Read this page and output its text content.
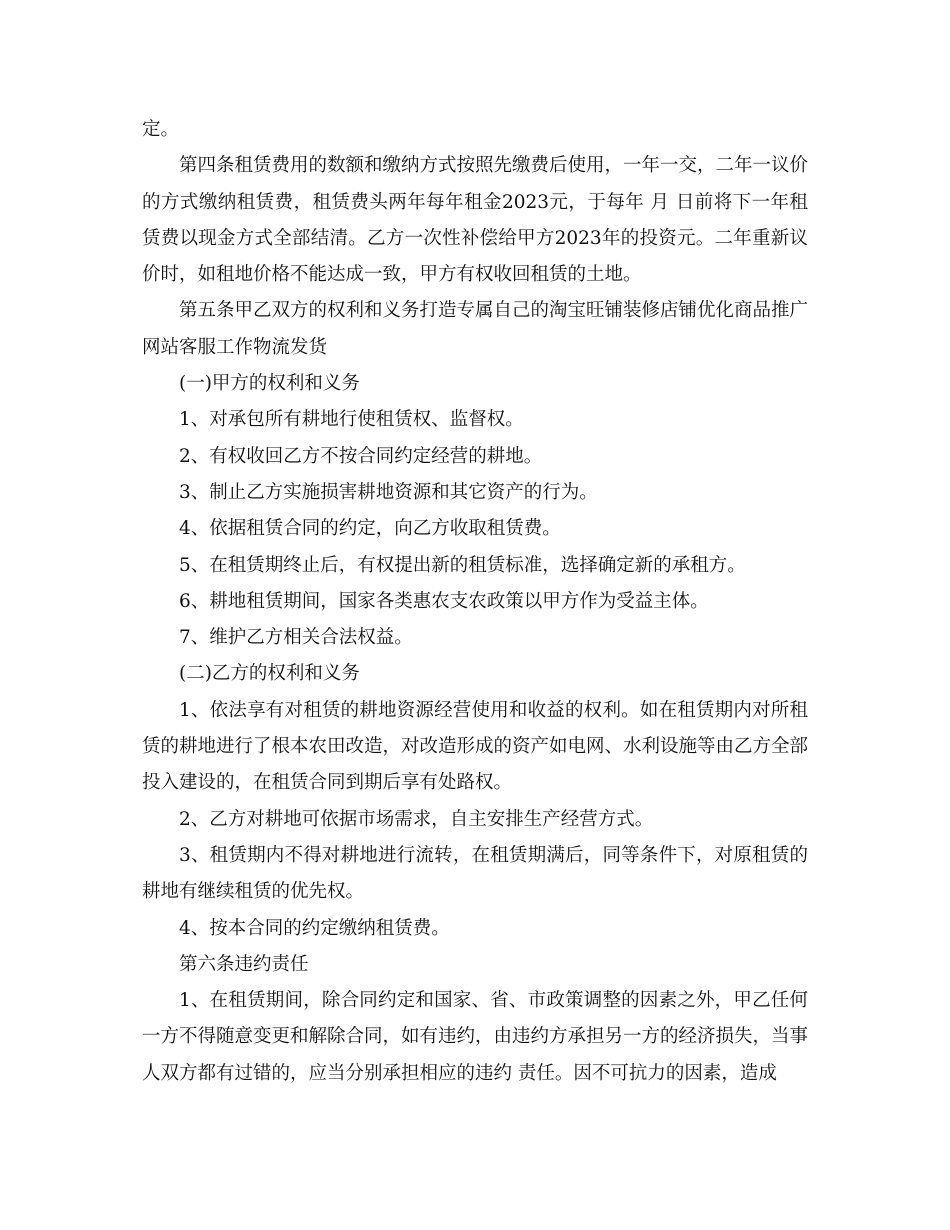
定。

第四条租赁费用的数额和缴纳方式按照先缴费后使用，一年一交，二年一议价的方式缴纳租赁费，租赁费头两年每年租金2023元，于每年 月 日前将下一年租赁费以现金方式全部结清。乙方一次性补偿给甲方2023年的投资元。二年重新议价时，如租地价格不能达成一致，甲方有权收回租赁的土地。

第五条甲乙双方的权利和义务打造专属自己的淘宝旺铺装修店铺优化商品推广网站客服工作物流发货

(一)甲方的权利和义务

1、对承包所有耕地行使租赁权、监督权。

2、有权收回乙方不按合同约定经营的耕地。

3、制止乙方实施损害耕地资源和其它资产的行为。

4、依据租赁合同的约定，向乙方收取租赁费。

5、在租赁期终止后，有权提出新的租赁标准，选择确定新的承租方。

6、耕地租赁期间，国家各类惠农支农政策以甲方作为受益主体。

7、维护乙方相关合法权益。

(二)乙方的权利和义务

1、依法享有对租赁的耕地资源经营使用和收益的权利。如在租赁期内对所租赁的耕地进行了根本农田改造，对改造形成的资产如电网、水利设施等由乙方全部投入建设的，在租赁合同到期后享有处路权。

2、乙方对耕地可依据市场需求，自主安排生产经营方式。

3、租赁期内不得对耕地进行流转，在租赁期满后，同等条件下，对原租赁的耕地有继续租赁的优先权。

4、按本合同的约定缴纳租赁费。

第六条违约责任

1、在租赁期间，除合同约定和国家、省、市政策调整的因素之外，甲乙任何一方不得随意变更和解除合同，如有违约，由违约方承担另一方的经济损失，当事人双方都有过错的，应当分别承担相应的违约 责任。因不可抗力的因素，造成
